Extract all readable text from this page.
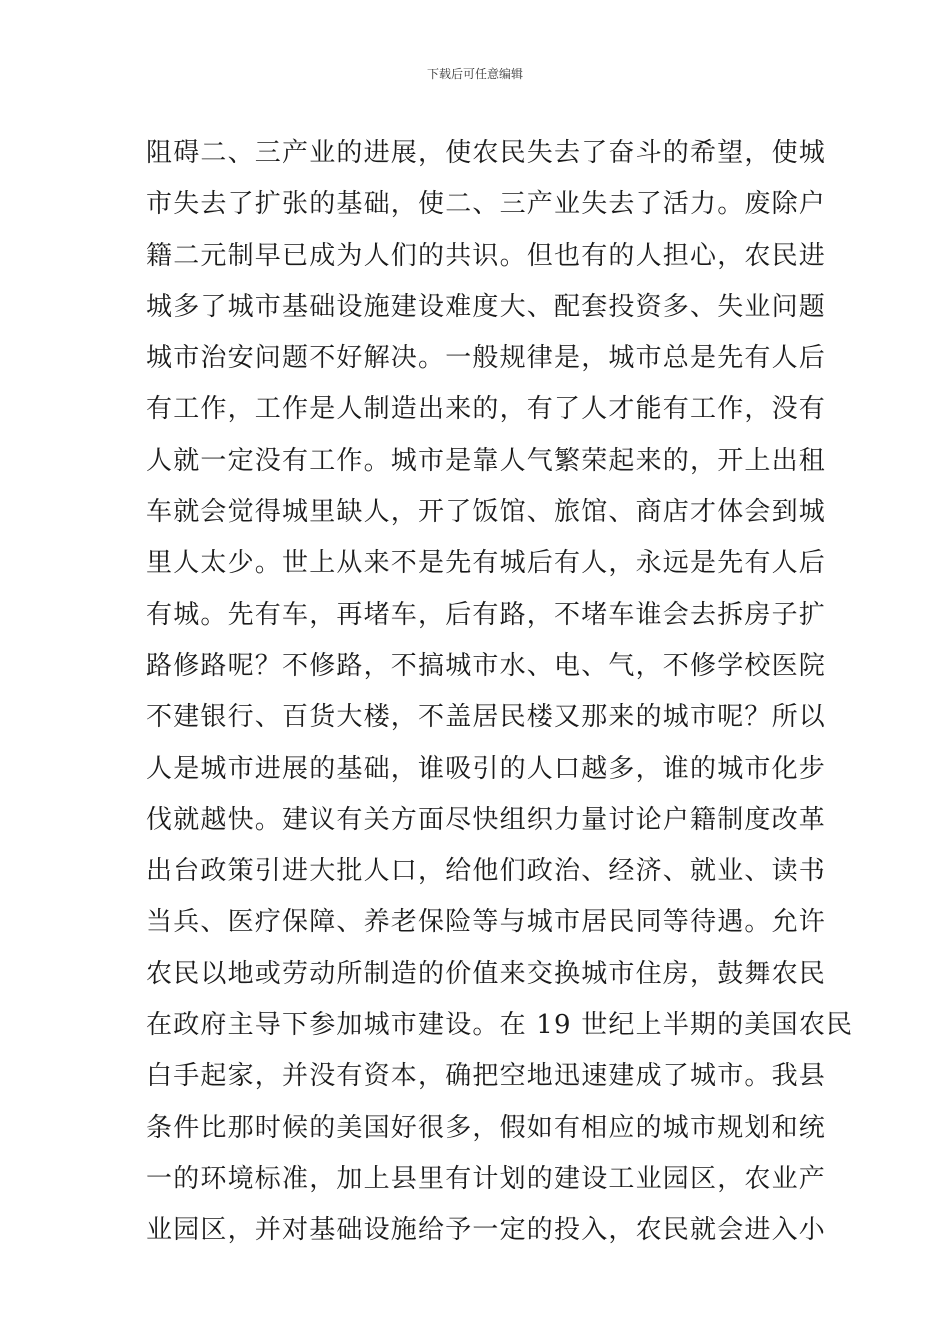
下载后可任意编辑
阻碍二、三产业的进展，使农民失去了奋斗的希望，使城
市失去了扩张的基础，使二、三产业失去了活力。废除户
籍二元制早已成为人们的共识。但也有的人担心，农民进
城多了城市基础设施建设难度大、配套投资多、失业问题
城市治安问题不好解决。一般规律是，城市总是先有人后
有工作，工作是人制造出来的，有了人才能有工作，没有
人就一定没有工作。城市是靠人气繁荣起来的，开上出租
车就会觉得城里缺人，开了饭馆、旅馆、商店才体会到城
里人太少。世上从来不是先有城后有人，永远是先有人后
有城。先有车，再堵车，后有路，不堵车谁会去拆房子扩
路修路呢？不修路，不搞城市水、电、气，不修学校医院
不建银行、百货大楼，不盖居民楼又那来的城市呢？所以
人是城市进展的基础，谁吸引的人口越多，谁的城市化步
伐就越快。建议有关方面尽快组织力量讨论户籍制度改革
出台政策引进大批人口，给他们政治、经济、就业、读书
当兵、医疗保障、养老保险等与城市居民同等待遇。允许
农民以地或劳动所制造的价值来交换城市住房，鼓舞农民
在政府主导下参加城市建设。在 19 世纪上半期的美国农民
白手起家，并没有资本，确把空地迅速建成了城市。我县
条件比那时候的美国好很多，假如有相应的城市规划和统
一的环境标准，加上县里有计划的建设工业园区，农业产
业园区，并对基础设施给予一定的投入，农民就会进入小
